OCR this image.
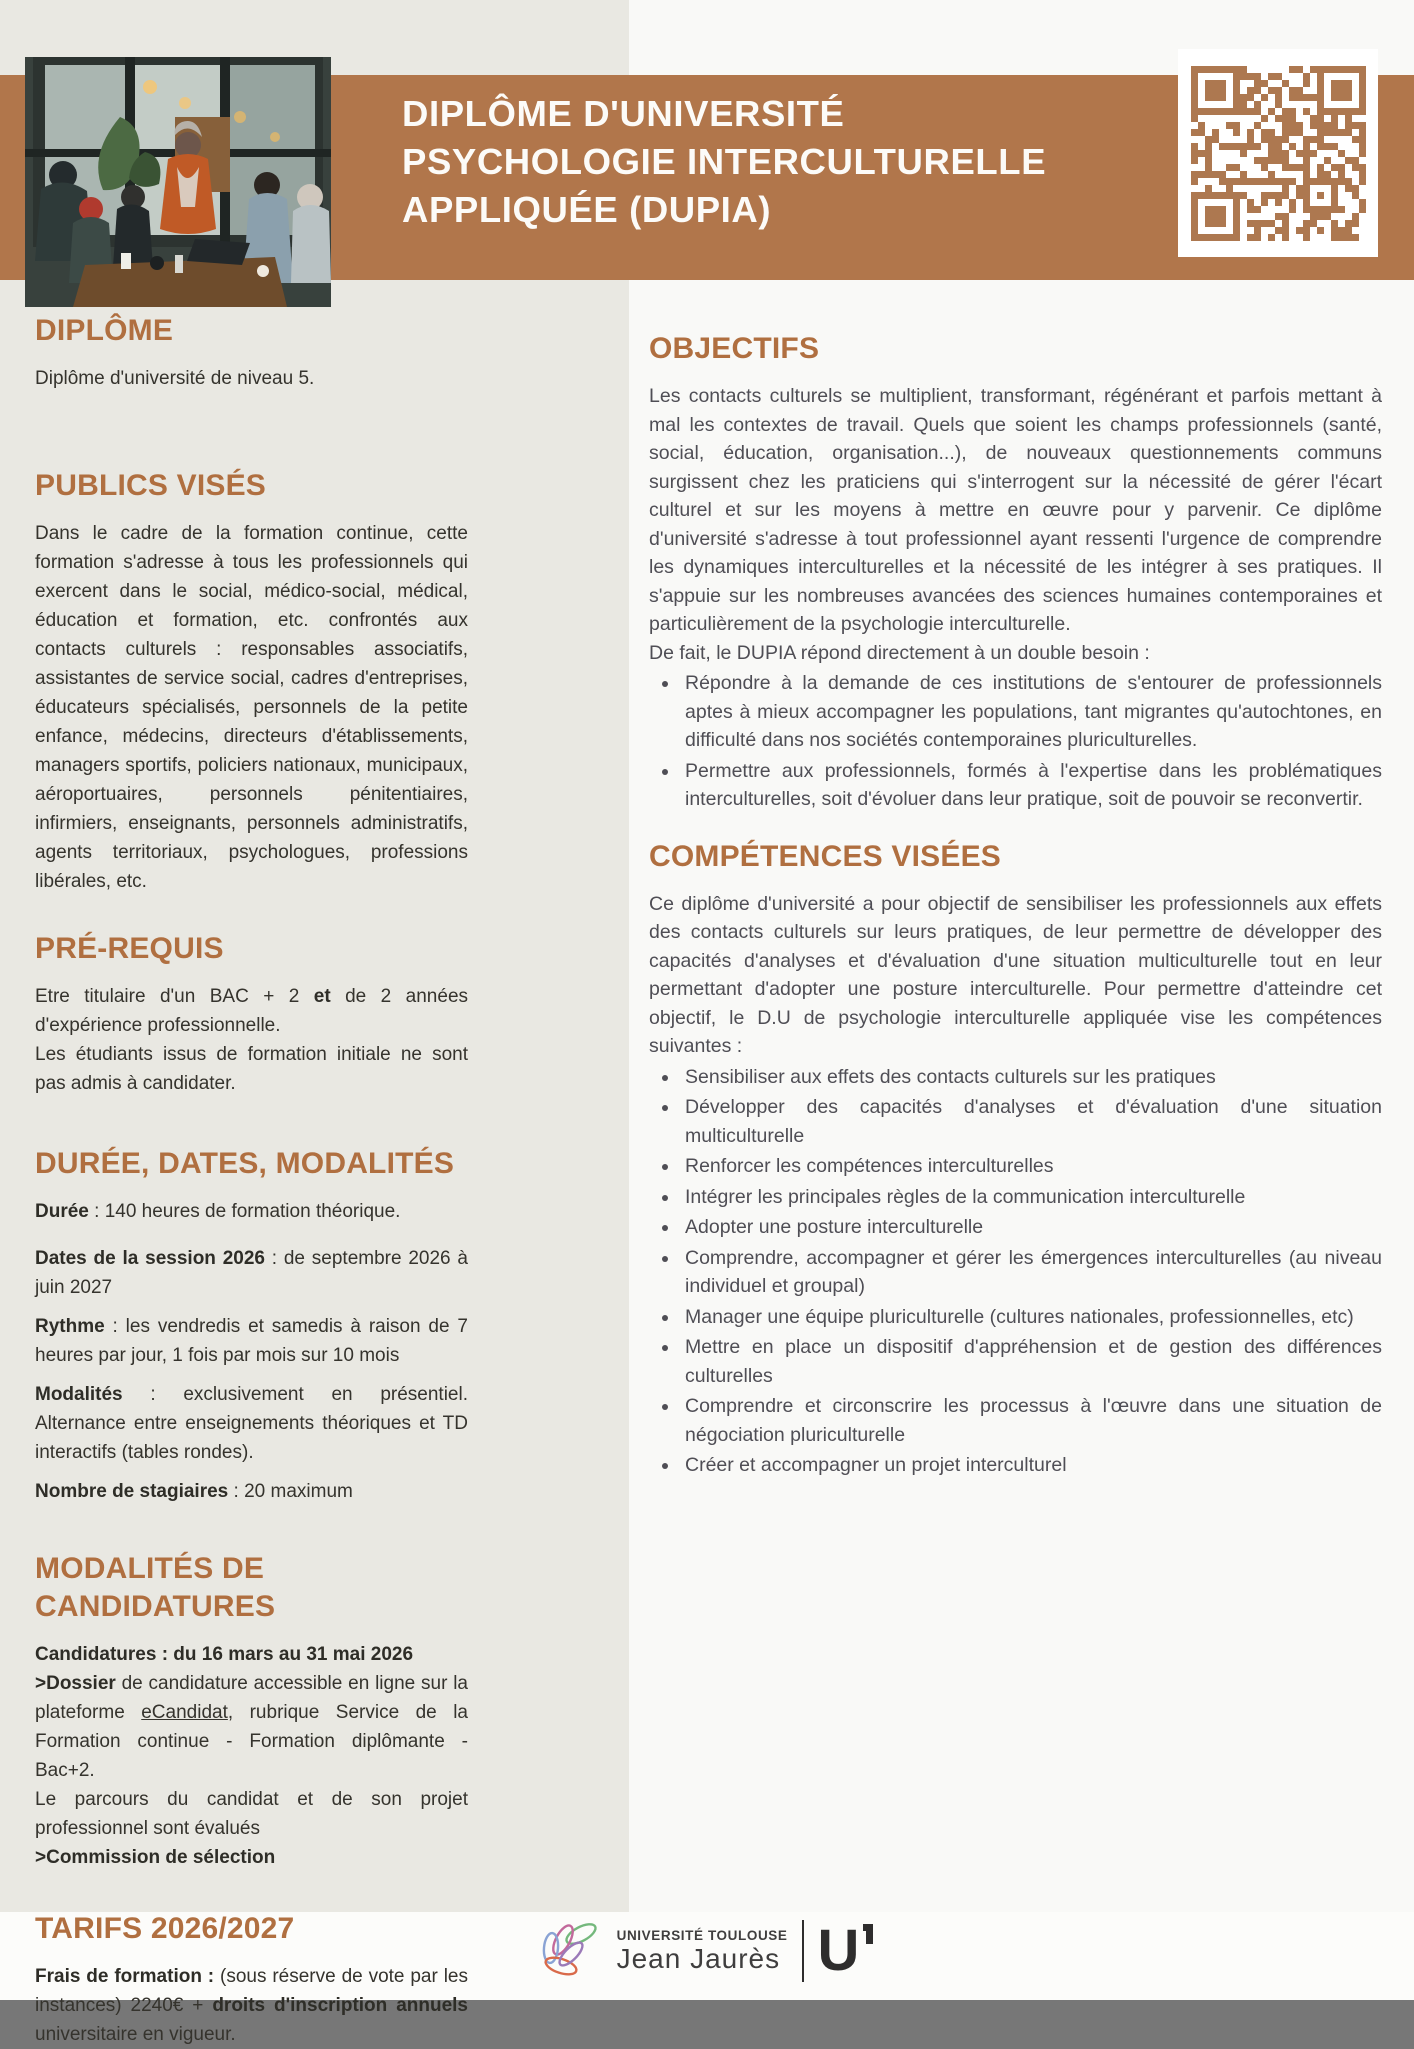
DIPLÔME D'UNIVERSITÉ
PSYCHOLOGIE INTERCULTURELLE
APPLIQUÉE (DUPIA)
DIPLÔME

Diplôme d'université de niveau 5.

PUBLICS VISÉS

Dans le cadre de la formation continue, cette formation s'adresse à tous les professionnels qui exercent dans le social, médico-social, médical, éducation et formation, etc. confrontés aux contacts culturels : responsables associatifs, assistantes de service social, cadres d'entreprises, éducateurs spécialisés, personnels de la petite enfance, médecins, directeurs d'établissements, managers sportifs, policiers nationaux, municipaux, aéroportuaires, personnels pénitentiaires, infirmiers, enseignants, personnels administratifs, agents territoriaux, psychologues, professions libérales, etc.

PRÉ-REQUIS

Etre titulaire d'un BAC + 2 et de 2 années d'expérience professionnelle.
Les étudiants issus de formation initiale ne sont pas admis à candidater.

DURÉE, DATES, MODALITÉS

Durée : 140 heures de formation théorique.

Dates de la session 2026 : de septembre 2026 à juin 2027

Rythme : les vendredis et samedis à raison de 7 heures par jour, 1 fois par mois sur 10 mois

Modalités : exclusivement en présentiel. Alternance entre enseignements théoriques et TD interactifs (tables rondes).

Nombre de stagiaires : 20 maximum

MODALITÉS DE CANDIDATURES

Candidatures : du 16 mars au 31 mai 2026

>Dossier de candidature accessible en ligne sur la plateforme eCandidat, rubrique Service de la Formation continue - Formation diplômante - Bac+2.

Le parcours du candidat et de son projet professionnel sont évalués

>Commission de sélection

TARIFS 2026/2027

Frais de formation : (sous réserve de vote par les instances) 2240€ + droits d'inscription annuels universitaire en vigueur.

OBJECTIFS

Les contacts culturels se multiplient, transformant, régénérant et parfois mettant à mal les contextes de travail. Quels que soient les champs professionnels (santé, social, éducation, organisation...), de nouveaux questionnements communs surgissent chez les praticiens qui s'interrogent sur la nécessité de gérer l'écart culturel et sur les moyens à mettre en œuvre pour y parvenir. Ce diplôme d'université s'adresse à tout professionnel ayant ressenti l'urgence de comprendre les dynamiques interculturelles et la nécessité de les intégrer à ses pratiques. Il s'appuie sur les nombreuses avancées des sciences humaines contemporaines et particulièrement de la psychologie interculturelle.

De fait, le DUPIA répond directement à un double besoin :

• Répondre à la demande de ces institutions de s'entourer de professionnels aptes à mieux accompagner les populations, tant migrantes qu'autochtones, en difficulté dans nos sociétés contemporaines pluriculturelles.
• Permettre aux professionnels, formés à l'expertise dans les problématiques interculturelles, soit d'évoluer dans leur pratique, soit de pouvoir se reconvertir.
COMPÉTENCES VISÉES

Ce diplôme d'université a pour objectif de sensibiliser les professionnels aux effets des contacts culturels sur leurs pratiques, de leur permettre de développer des capacités d'analyses et d'évaluation d'une situation multiculturelle tout en leur permettant d'adopter une posture interculturelle. Pour permettre d'atteindre cet objectif, le D.U de psychologie interculturelle appliquée vise les compétences suivantes :

• Sensibiliser aux effets des contacts culturels sur les pratiques
• Développer des capacités d'analyses et d'évaluation d'une situation multiculturelle
• Renforcer les compétences interculturelles
• Intégrer les principales règles de la communication interculturelle
• Adopter une posture interculturelle
• Comprendre, accompagner et gérer les émergences interculturelles (au niveau individuel et groupal)
• Manager une équipe pluriculturelle (cultures nationales, professionnelles, etc)
• Mettre en place un dispositif d'appréhension et de gestion des différences culturelles
• Comprendre et circonscrire les processus à l'œuvre dans une situation de négociation pluriculturelle
• Créer et accompagner un projet interculturel
UNIVERSITÉ TOULOUSE
Jean Jaurès U
